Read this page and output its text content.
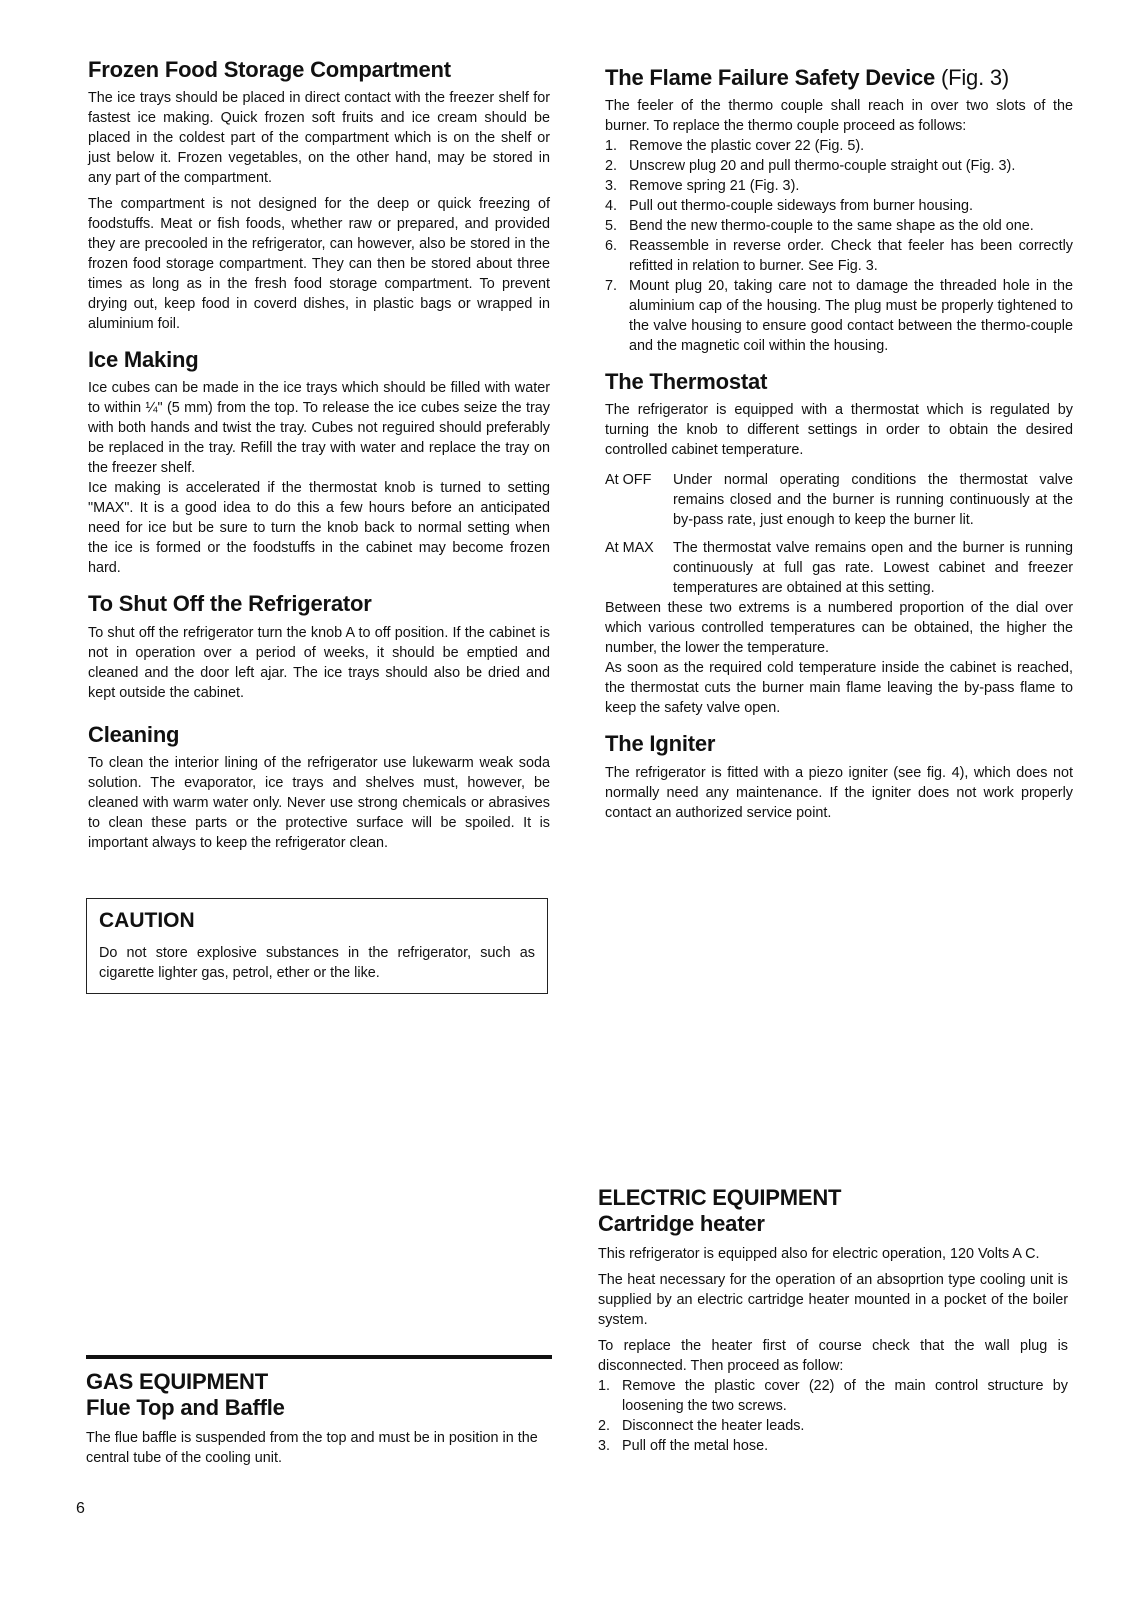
Frozen Food Storage Compartment

The ice trays should be placed in direct contact with the freezer shelf for fastest ice making. Quick frozen soft fruits and ice cream should be placed in the coldest part of the compartment which is on the shelf or just below it. Frozen vegetables, on the other hand, may be stored in any part of the compartment.

The compartment is not designed for the deep or quick freezing of foodstuffs. Meat or fish foods, whether raw or prepared, and provided they are precooled in the refrigerator, can however, also be stored in the frozen food storage compartment. They can then be stored about three times as long as in the fresh food storage compartment. To prevent drying out, keep food in coverd dishes, in plastic bags or wrapped in aluminium foil.

Ice Making

Ice cubes can be made in the ice trays which should be filled with water to within ¼" (5 mm) from the top. To release the ice cubes seize the tray with both hands and twist the tray. Cubes not reguired should preferably be replaced in the tray. Refill the tray with water and replace the tray on the freezer shelf.

Ice making is accelerated if the thermostat knob is turned to setting "MAX". It is a good idea to do this a few hours before an anticipated need for ice but be sure to turn the knob back to normal setting when the ice is formed or the foodstuffs in the cabinet may become frozen hard.

To Shut Off the Refrigerator

To shut off the refrigerator turn the knob A to off position. If the cabinet is not in operation over a period of weeks, it should be emptied and cleaned and the door left ajar. The ice trays should also be dried and kept outside the cabinet.

Cleaning

To clean the interior lining of the refrigerator use lukewarm weak soda solution. The evaporator, ice trays and shelves must, however, be cleaned with warm water only. Never use strong chemicals or abrasives to clean these parts or the protective surface will be spoiled. It is important always to keep the refrigerator clean.

CAUTION

Do not store explosive substances in the refrigerator, such as cigarette lighter gas, petrol, ether or the like.

The Flame Failure Safety Device (Fig. 3)

The feeler of the thermo couple shall reach in over two slots of the burner. To replace the thermo couple proceed as follows:

1. Remove the plastic cover 22 (Fig. 5).
2. Unscrew plug 20 and pull thermo-couple straight out (Fig. 3).
3. Remove spring 21 (Fig. 3).
4. Pull out thermo-couple sideways from burner housing.
5. Bend the new thermo-couple to the same shape as the old one.
6. Reassemble in reverse order. Check that feeler has been correctly refitted in relation to burner. See Fig. 3.
7. Mount plug 20, taking care not to damage the threaded hole in the aluminium cap of the housing. The plug must be properly tightened to the valve housing to ensure good contact between the thermo-couple and the magnetic coil within the housing.
The Thermostat

The refrigerator is equipped with a thermostat which is regulated by turning the knob to different settings in order to obtain the desired controlled cabinet temperature.

At OFF	Under normal operating conditions the thermostat valve remains closed and the burner is running continuously at the by-pass rate, just enough to keep the burner lit.
At MAX	The thermostat valve remains open and the burner is running continuously at full gas rate. Lowest cabinet and freezer temperatures are obtained at this setting.

Between these two extrems is a numbered proportion of the dial over which various controlled temperatures can be obtained, the higher the number, the lower the temperature.

As soon as the required cold temperature inside the cabinet is reached, the thermostat cuts the burner main flame leaving the by-pass flame to keep the safety valve open.

The Igniter

The refrigerator is fitted with a piezo igniter (see fig. 4), which does not normally need any maintenance. If the igniter does not work properly contact an authorized service point.

ELECTRIC EQUIPMENT
Cartridge heater

This refrigerator is equipped also for electric operation, 120 Volts A C.

The heat necessary for the operation of an absoprtion type cooling unit is supplied by an electric cartridge heater mounted in a pocket of the boiler system.

To replace the heater first of course check that the wall plug is disconnected. Then proceed as follow:

1. Remove the plastic cover (22) of the main control structure by loosening the two screws.
2. Disconnect the heater leads.
3. Pull off the metal hose.
GAS EQUIPMENT
Flue Top and Baffle

The flue baffle is suspended from the top and must be in position in the central tube of the cooling unit.

6
